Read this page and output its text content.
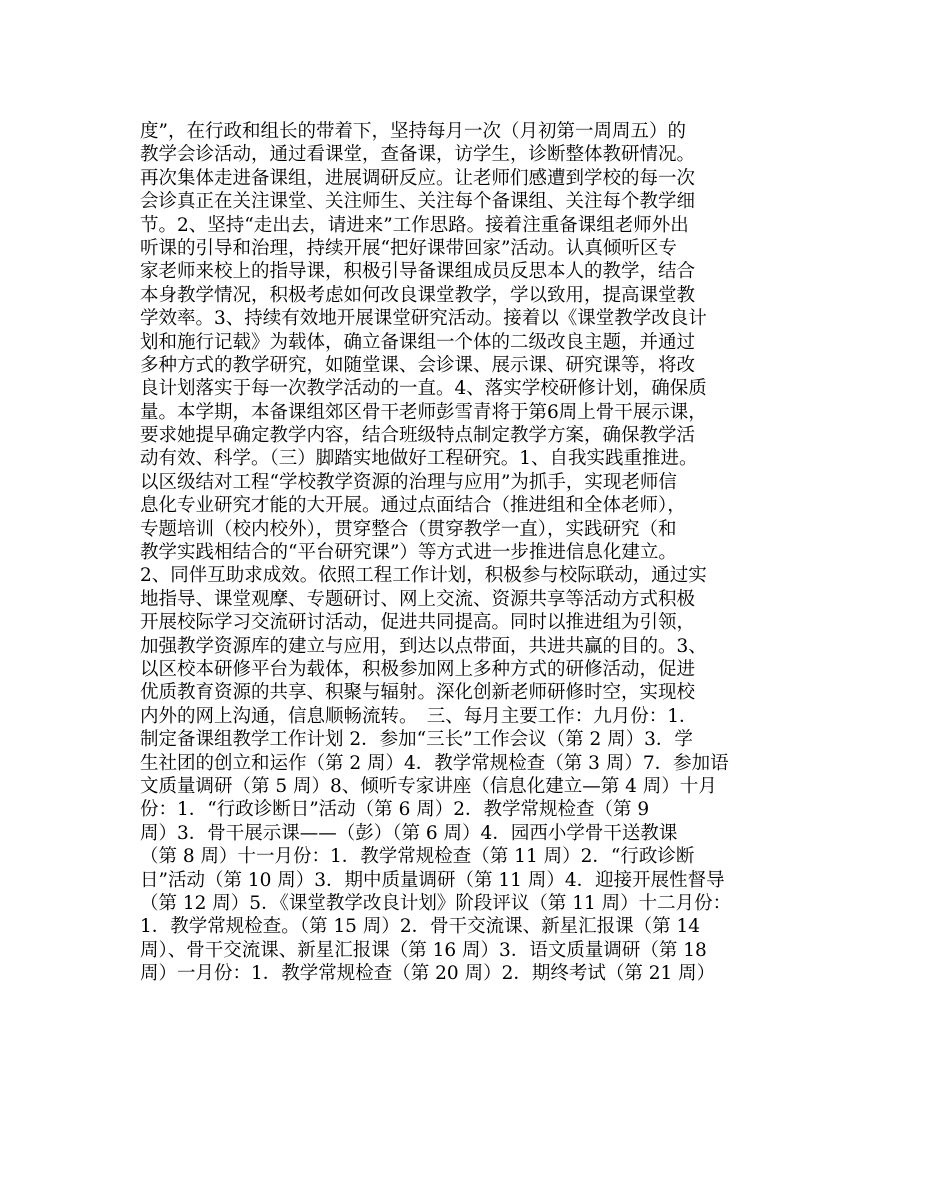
度”，在行政和组长的带着下，坚持每月一次（月初第一周周五）的
教学会诊活动，通过看课堂，查备课，访学生，诊断整体教研情况。
再次集体走进备课组，进展调研反应。让老师们感遭到学校的每一次
会诊真正在关注课堂、关注师生、关注每个备课组、关注每个教学细
节。2、坚持“走出去，请进来”工作思路。接着注重备课组老师外出
听课的引导和治理，持续开展“把好课带回家”活动。认真倾听区专
家老师来校上的指导课，积极引导备课组成员反思本人的教学，结合
本身教学情况，积极考虑如何改良课堂教学，学以致用，提高课堂教
学效率。3、持续有效地开展课堂研究活动。接着以《课堂教学改良计
划和施行记载》为载体，确立备课组一个体的二级改良主题，并通过
多种方式的教学研究，如随堂课、会诊课、展示课、研究课等，将改
良计划落实于每一次教学活动的一直。4、落实学校研修计划，确保质
量。本学期，本备课组郊区骨干老师彭雪青将于第6周上骨干展示课，
要求她提早确定教学内容，结合班级特点制定教学方案，确保教学活
动有效、科学。（三）脚踏实地做好工程研究。1、自我实践重推进。
以区级结对工程“学校教学资源的治理与应用”为抓手，实现老师信
息化专业研究才能的大开展。通过点面结合（推进组和全体老师），
专题培训（校内校外），贯穿整合（贯穿教学一直），实践研究（和
教学实践相结合的“平台研究课”）等方式进一步推进信息化建立。
2、同伴互助求成效。依照工程工作计划，积极参与校际联动，通过实
地指导、课堂观摩、专题研讨、网上交流、资源共享等活动方式积极
开展校际学习交流研讨活动，促进共同提高。同时以推进组为引领，
加强教学资源库的建立与应用，到达以点带面，共进共赢的目的。3、
以区校本研修平台为载体，积极参加网上多种方式的研修活动，促进
优质教育资源的共享、积聚与辐射。深化创新老师研修时空，实现校
内外的网上沟通，信息顺畅流转。　三、每月主要工作：九月份：1．
制定备课组教学工作计划 2．参加“三长”工作会议（第 2 周）3．学
生社团的创立和运作（第 2 周）4．教学常规检查（第 3 周）7．参加语
文质量调研（第 5 周）8、倾听专家讲座（信息化建立—第 4 周）十月
份：1．“行政诊断日”活动（第 6 周）2．教学常规检查（第 9
周）3．骨干展示课——（彭）（第 6 周）4．园西小学骨干送教课
（第 8 周）十一月份：1．教学常规检查（第 11 周）2．“行政诊断
日”活动（第 10 周）3．期中质量调研（第 11 周）4．迎接开展性督导
（第 12 周）5．《课堂教学改良计划》阶段评议（第 11 周）十二月份：
1．教学常规检查。（第 15 周）2．骨干交流课、新星汇报课（第 14
周）、骨干交流课、新星汇报课（第 16 周）3．语文质量调研（第 18
周）一月份：1．教学常规检查（第 20 周）2．期终考试（第 21 周）
